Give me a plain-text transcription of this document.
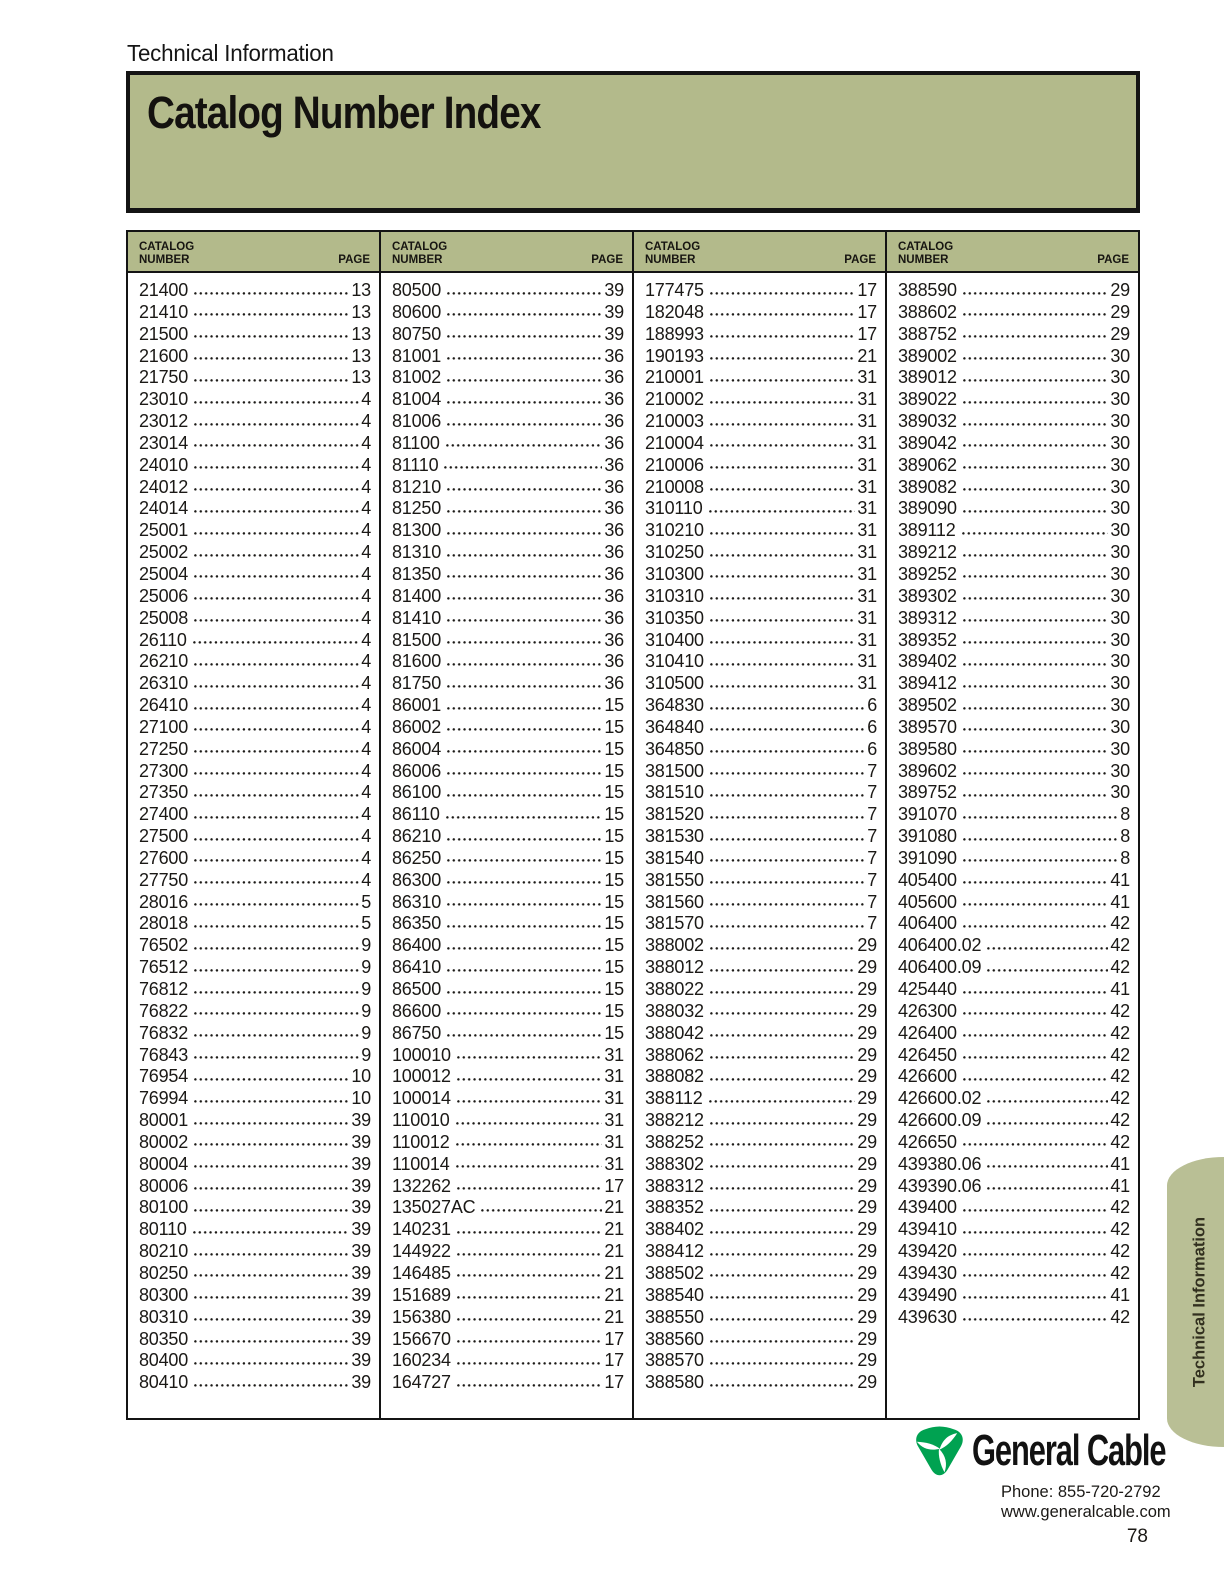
Technical Information
Catalog Number Index
CATALOG
NUMBER	PAGE
21400	13
21410	13
21500	13
21600	13
21750	13
23010	4
23012	4
23014	4
24010	4
24012	4
24014	4
25001	4
25002	4
25004	4
25006	4
25008	4
26110	4
26210	4
26310	4
26410	4
27100	4
27250	4
27300	4
27350	4
27400	4
27500	4
27600	4
27750	4
28016	5
28018	5
76502	9
76512	9
76812	9
76822	9
76832	9
76843	9
76954	10
76994	10
80001	39
80002	39
80004	39
80006	39
80100	39
80110	39
80210	39
80250	39
80300	39
80310	39
80350	39
80400	39
80410	39
CATALOG
NUMBER	PAGE
80500	39
80600	39
80750	39
81001	36
81002	36
81004	36
81006	36
81100	36
81110	36
81210	36
81250	36
81300	36
81310	36
81350	36
81400	36
81410	36
81500	36
81600	36
81750	36
86001	15
86002	15
86004	15
86006	15
86100	15
86110	15
86210	15
86250	15
86300	15
86310	15
86350	15
86400	15
86410	15
86500	15
86600	15
86750	15
100010	31
100012	31
100014	31
110010	31
110012	31
110014	31
132262	17
135027AC	21
140231	21
144922	21
146485	21
151689	21
156380	21
156670	17
160234	17
164727	17
CATALOG
NUMBER	PAGE
177475	17
182048	17
188993	17
190193	21
210001	31
210002	31
210003	31
210004	31
210006	31
210008	31
310110	31
310210	31
310250	31
310300	31
310310	31
310350	31
310400	31
310410	31
310500	31
364830	6
364840	6
364850	6
381500	7
381510	7
381520	7
381530	7
381540	7
381550	7
381560	7
381570	7
388002	29
388012	29
388022	29
388032	29
388042	29
388062	29
388082	29
388112	29
388212	29
388252	29
388302	29
388312	29
388352	29
388402	29
388412	29
388502	29
388540	29
388550	29
388560	29
388570	29
388580	29
CATALOG
NUMBER	PAGE
388590	29
388602	29
388752	29
389002	30
389012	30
389022	30
389032	30
389042	30
389062	30
389082	30
389090	30
389112	30
389212	30
389252	30
389302	30
389312	30
389352	30
389402	30
389412	30
389502	30
389570	30
389580	30
389602	30
389752	30
391070	8
391080	8
391090	8
405400	41
405600	41
406400	42
406400.02	42
406400.09	42
425440	41
426300	42
426400	42
426450	42
426600	42
426600.02	42
426600.09	42
426650	42
439380.06	41
439390.06	41
439400	42
439410	42
439420	42
439430	42
439490	41
439630	42	Technical Information
General Cable
Phone: 855-720-2792
www.generalcable.com
78
